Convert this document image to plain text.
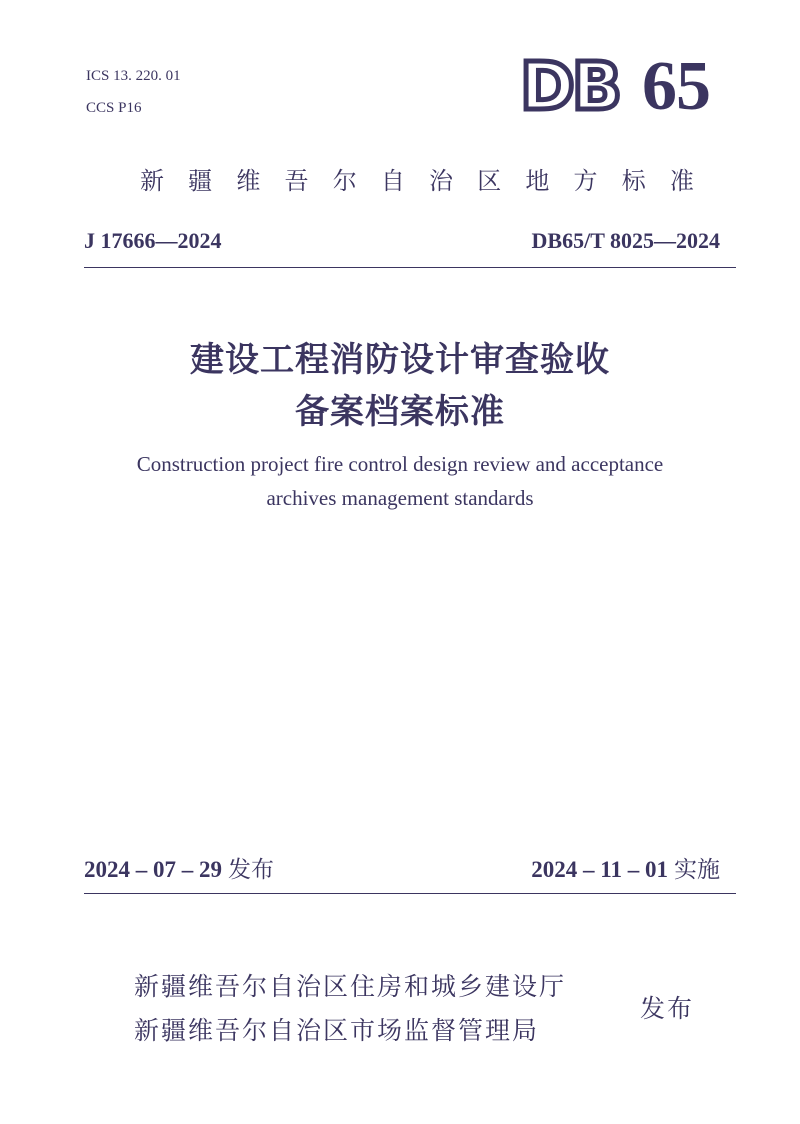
ICS 13. 220. 01
CCS P16	DB 65
新 疆 维 吾 尔 自 治 区 地 方 标 准
J 17666—2024	DB65/T 8025—2024
建设工程消防设计审查验收
备案档案标准
Construction project fire control design review and acceptance
archives management standards
2024 – 07 – 29 发布	2024 – 11 – 01 实施
新疆维吾尔自治区住房和城乡建设厅
新疆维吾尔自治区市场监督管理局
发布
